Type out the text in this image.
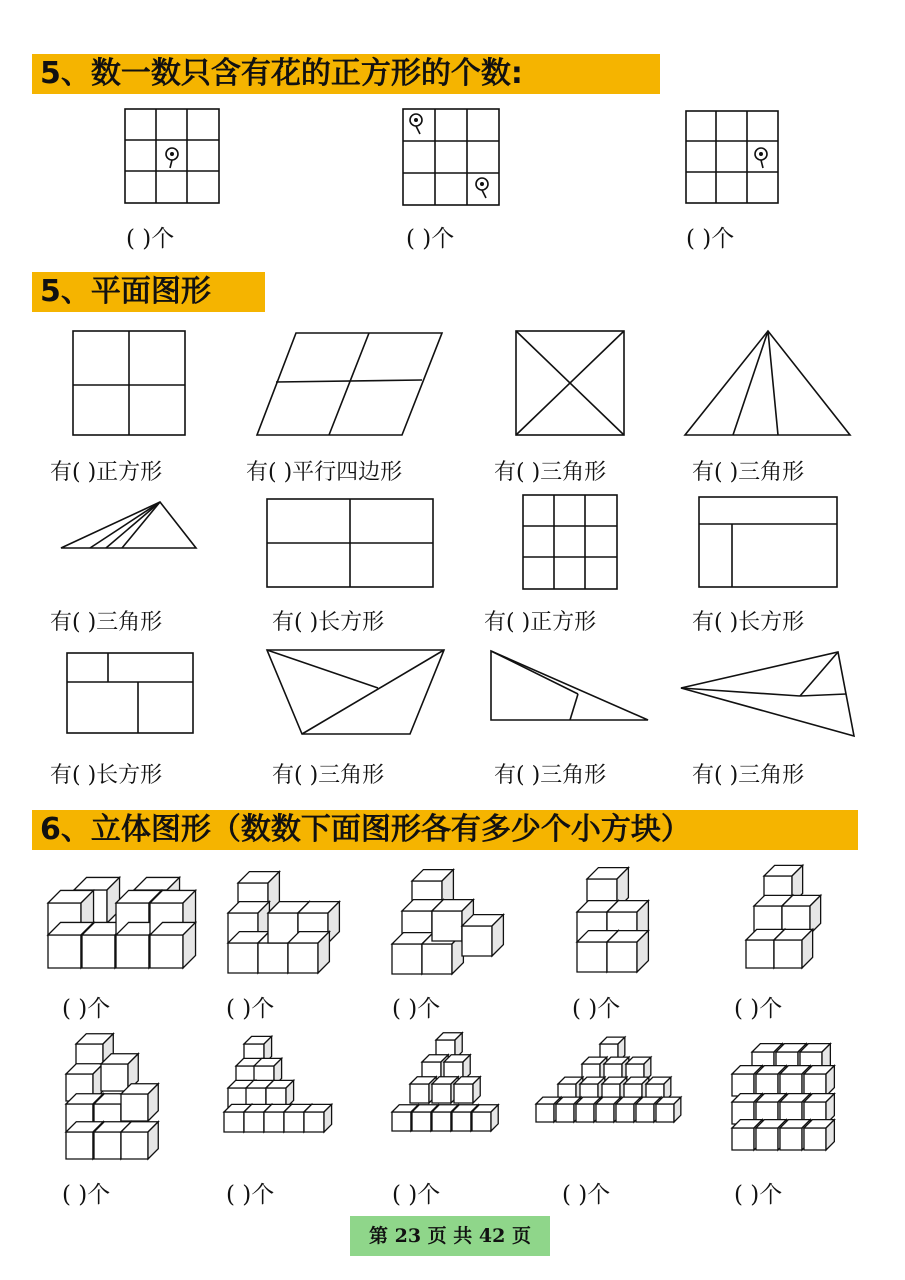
5、数一数只含有花的正方形的个数:
( )个	( )个	( )个
5、平面图形
有( )正方形	有( )平行四边形	有( )三角形	有( )三角形
有( )三角形	有( )长方形	有( )正方形	有( )长方形
有( )长方形	有( )三角形	有( )三角形	有( )三角形
6、立体图形（数数下面图形各有多少个小方块）
( )个	( )个	( )个	( )个	( )个
( )个	( )个	( )个	( )个	( )个
第 23 页 共 42 页
